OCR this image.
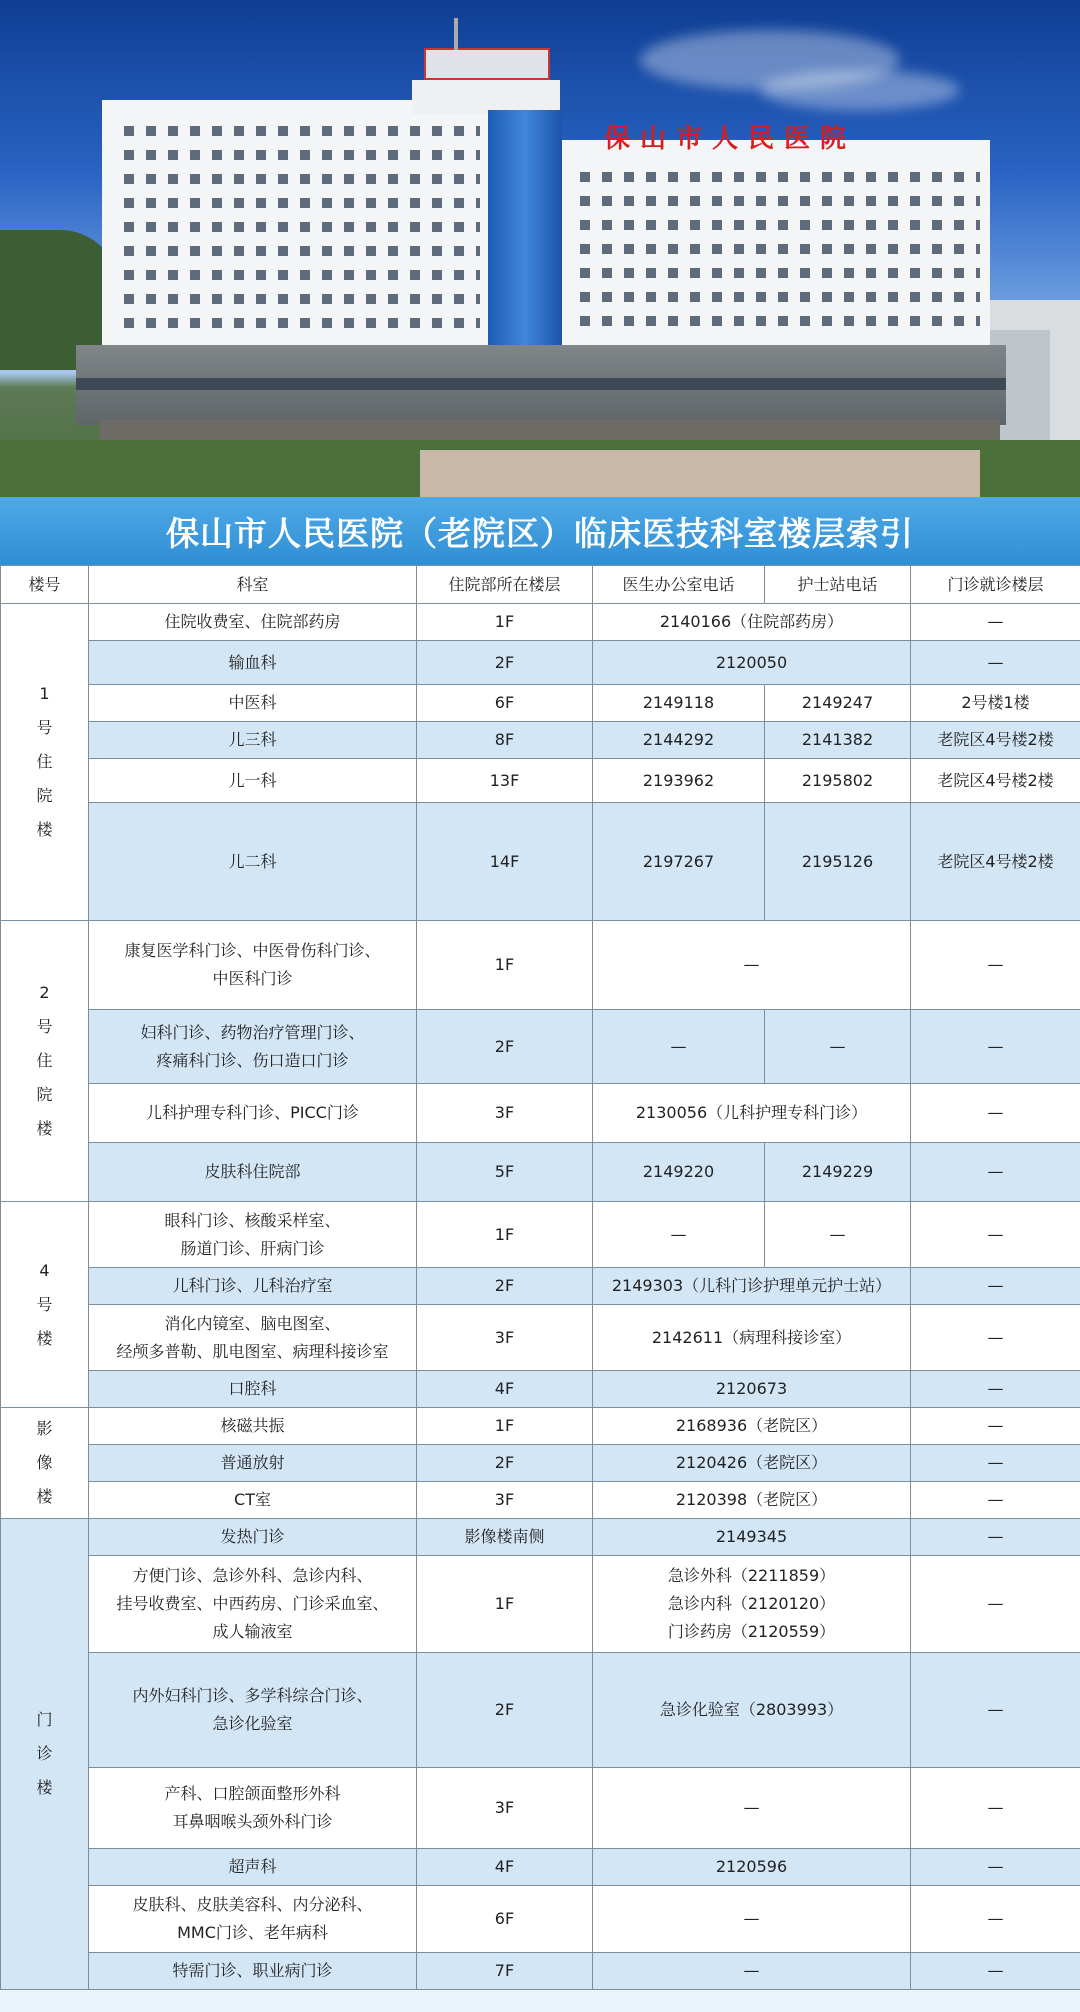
保山市人民医院
保山市人民医院（老院区）临床医技科室楼层索引
楼号	科室	住院部所在楼层	医生办公室电话	护士站电话	门诊就诊楼层
1
号
住
院
楼	住院收费室、住院部药房	1F	2140166（住院部药房）		—
	输血科	2F	2120050		—
	中医科	6F	2149118	2149247	2号楼1楼
	儿三科	8F	2144292	2141382	老院区4号楼2楼
	儿一科	13F	2193962	2195802	老院区4号楼2楼
	儿二科	14F	2197267	2195126	老院区4号楼2楼
2
号
住
院
楼	康复医学科门诊、中医骨伤科门诊、
中医科门诊	1F	—		—
	妇科门诊、药物治疗管理门诊、
疼痛科门诊、伤口造口门诊	2F	—	—	—
	儿科护理专科门诊、PICC门诊	3F	2130056（儿科护理专科门诊）		—
	皮肤科住院部	5F	2149220	2149229	—
4
号
楼	眼科门诊、核酸采样室、
肠道门诊、肝病门诊	1F	—	—	—
	儿科门诊、儿科治疗室	2F	2149303（儿科门诊护理单元护士站）		—
	消化内镜室、脑电图室、
经颅多普勒、肌电图室、病理科接诊室	3F	2142611（病理科接诊室）		—
	口腔科	4F	2120673		—
影
像
楼	核磁共振	1F	2168936（老院区）		—
	普通放射	2F	2120426（老院区）		—
	CT室	3F	2120398（老院区）		—
门
诊
楼	发热门诊	影像楼南侧	2149345		—
	方便门诊、急诊外科、急诊内科、
挂号收费室、中西药房、门诊采血室、
成人输液室	1F	急诊外科（2211859）
急诊内科（2120120）
门诊药房（2120559）		—
	内外妇科门诊、多学科综合门诊、
急诊化验室	2F	急诊化验室（2803993）		—
	产科、口腔颌面整形外科
耳鼻咽喉头颈外科门诊	3F	—		—
	超声科	4F	2120596		—
	皮肤科、皮肤美容科、内分泌科、
MMC门诊、老年病科	6F	—		—
	特需门诊、职业病门诊	7F	—		—
